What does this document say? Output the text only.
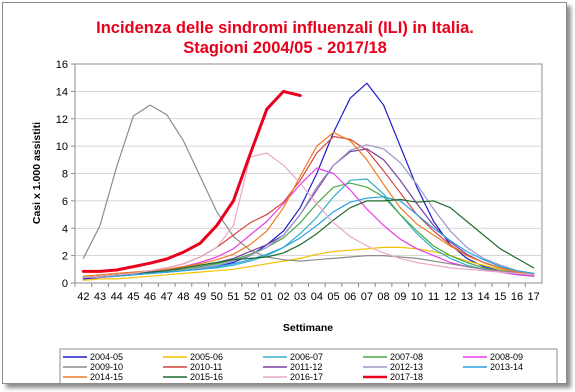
Incidenza delle sindromi influenzali (ILI) in Italia.
Stagioni 2004/05 - 2017/18
0
2
4
6
8
10
12
14
16
42 43 44 45 46 47 48 49 50 51 52 01 02 03 04 05 06 07 08 09 10 11 12 13 14 15 16 17
Casi x 1.000 assistiti
Settimane
2004-05	2005-06	2006-07	2007-08	2008-09
2009-10	2010-11	2011-12	2012-13	2013-14
2014-15	2015-16	2016-17	2017-18
